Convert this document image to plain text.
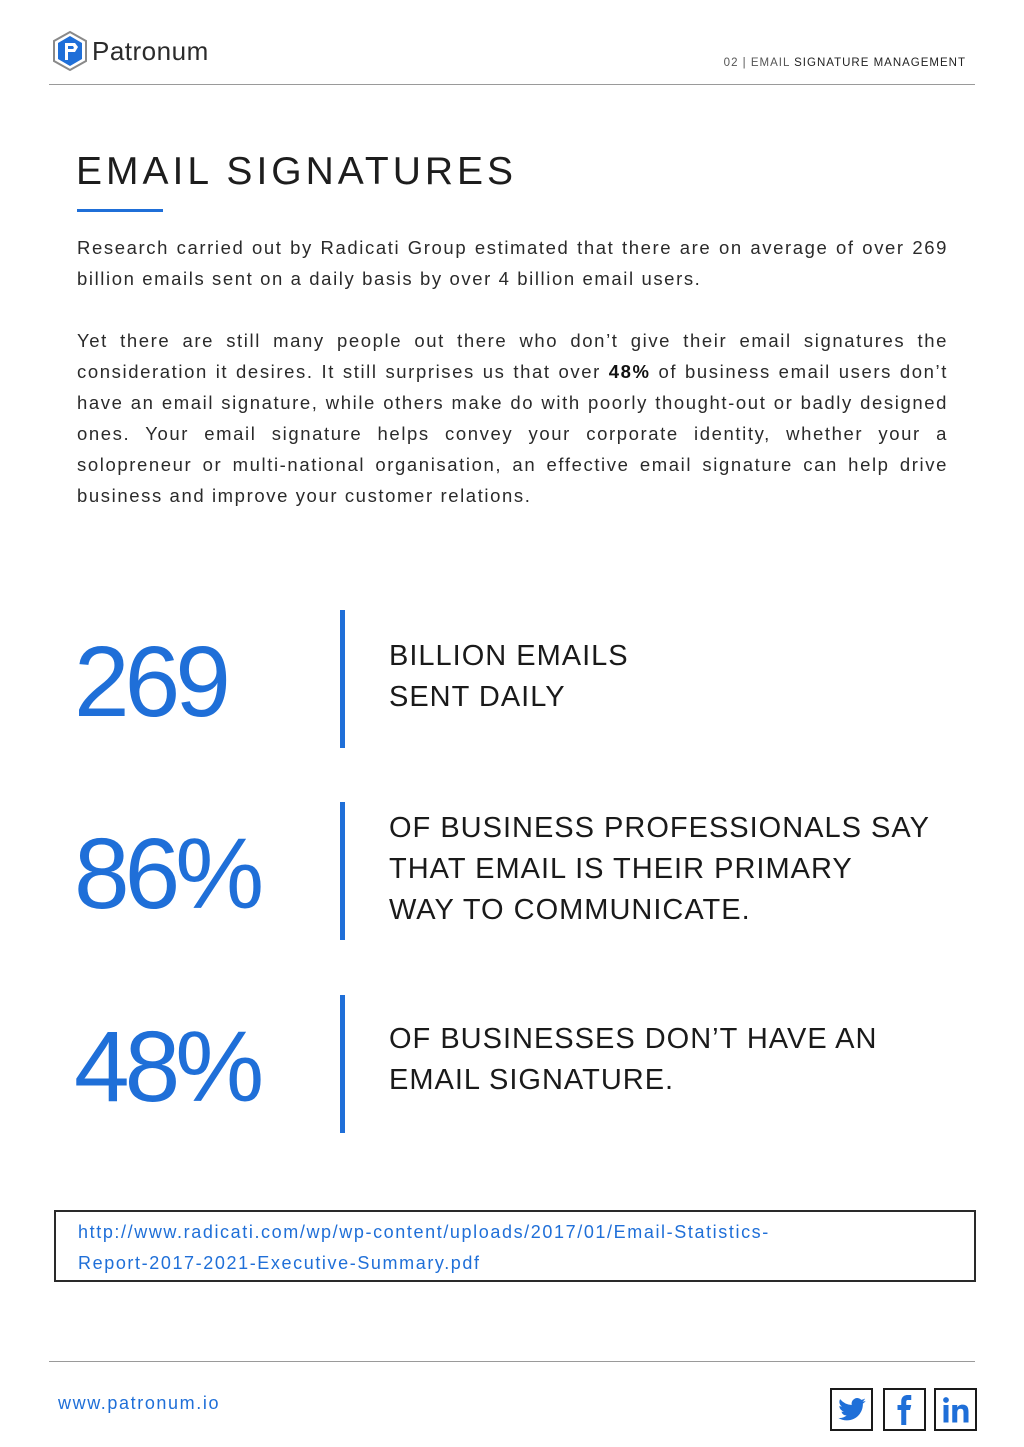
Patronum	02 | EMAIL SIGNATURE MANAGEMENT
EMAIL SIGNATURES

Research carried out by Radicati Group estimated that there are on average of over 269 billion emails sent on a daily basis by over 4 billion email users.

Yet there are still many people out there who don’t give their email signatures the consideration it desires. It still surprises us that over 48% of business email users don’t have an email signature, while others make do with poorly thought-out or badly designed ones. Your email signature helps convey your corporate identity, whether your a solopreneur or multi-national organisation, an effective email signature can help drive business and improve your customer relations.

269	BILLION EMAILS
SENT DAILY
86%	OF BUSINESS PROFESSIONALS SAY
THAT EMAIL IS THEIR PRIMARY
WAY TO COMMUNICATE.
48%	OF BUSINESSES DON’T HAVE AN
EMAIL SIGNATURE.
http://www.radicati.com/wp/wp-content/uploads/2017/01/Email-Statistics-
Report-2017-2021-Executive-Summary.pdf
www.patronum.io
